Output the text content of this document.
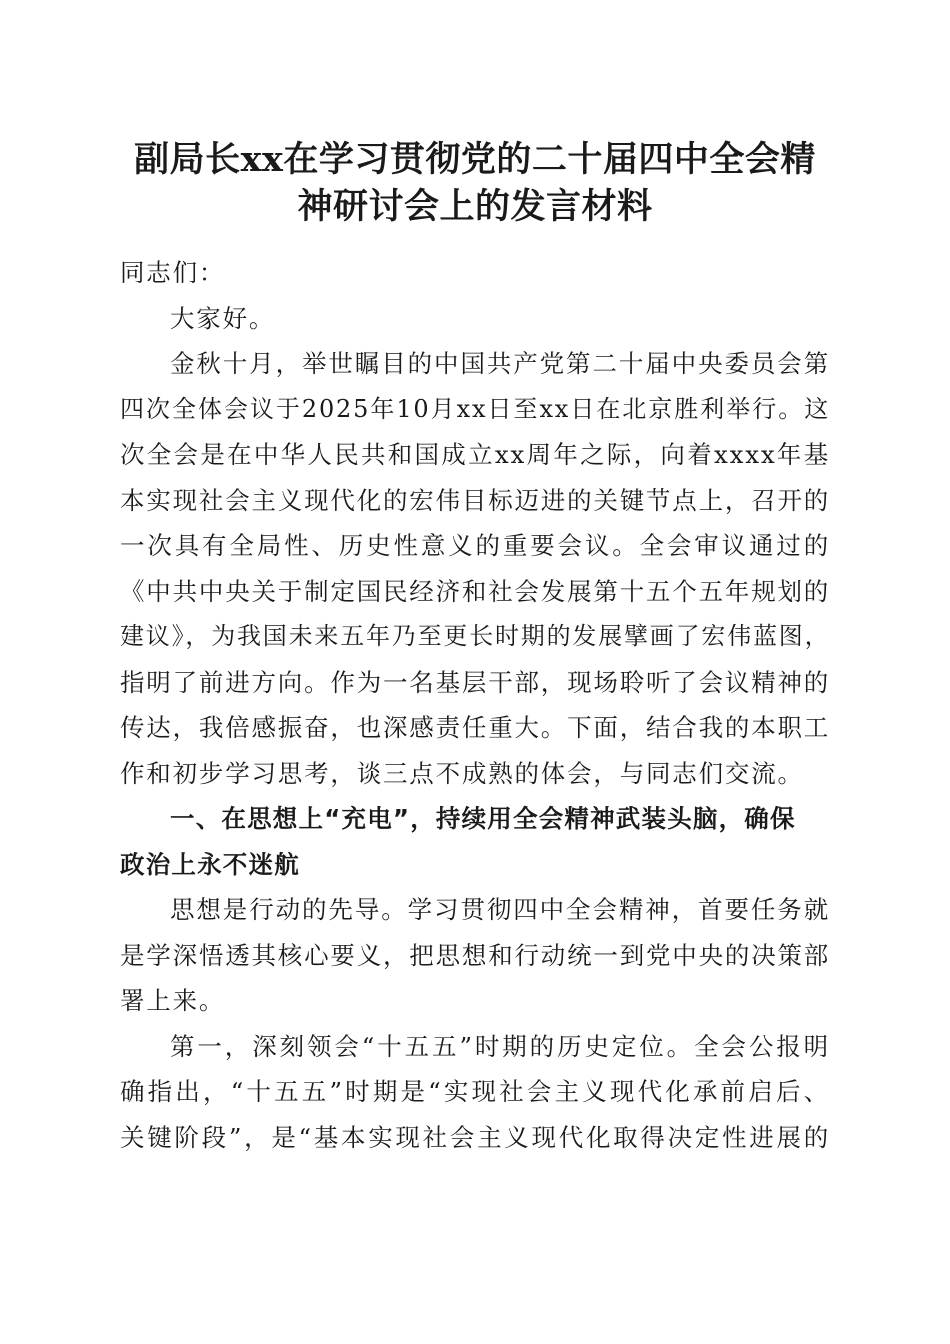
副局长xx在学习贯彻党的二十届四中全会精
神研讨会上的发言材料
同志们：
大家好。
金秋十月，举世瞩目的中国共产党第二十届中央委员会第
四次全体会议于2025年10月xx日至xx日在北京胜利举行。这
次全会是在中华人民共和国成立xx周年之际，向着xxxx年基
本实现社会主义现代化的宏伟目标迈进的关键节点上，召开的
一次具有全局性、历史性意义的重要会议。全会审议通过的
《中共中央关于制定国民经济和社会发展第十五个五年规划的
建议》，为我国未来五年乃至更长时期的发展擘画了宏伟蓝图，
指明了前进方向。作为一名基层干部，现场聆听了会议精神的
传达，我倍感振奋，也深感责任重大。下面，结合我的本职工
作和初步学习思考，谈三点不成熟的体会，与同志们交流。
一、在思想上“充电”，持续用全会精神武装头脑，确保
政治上永不迷航
思想是行动的先导。学习贯彻四中全会精神，首要任务就
是学深悟透其核心要义，把思想和行动统一到党中央的决策部
署上来。
第一，深刻领会“十五五”时期的历史定位。全会公报明
确指出，“十五五”时期是“实现社会主义现代化承前启后、
关键阶段”，是“基本实现社会主义现代化取得决定性进展的
